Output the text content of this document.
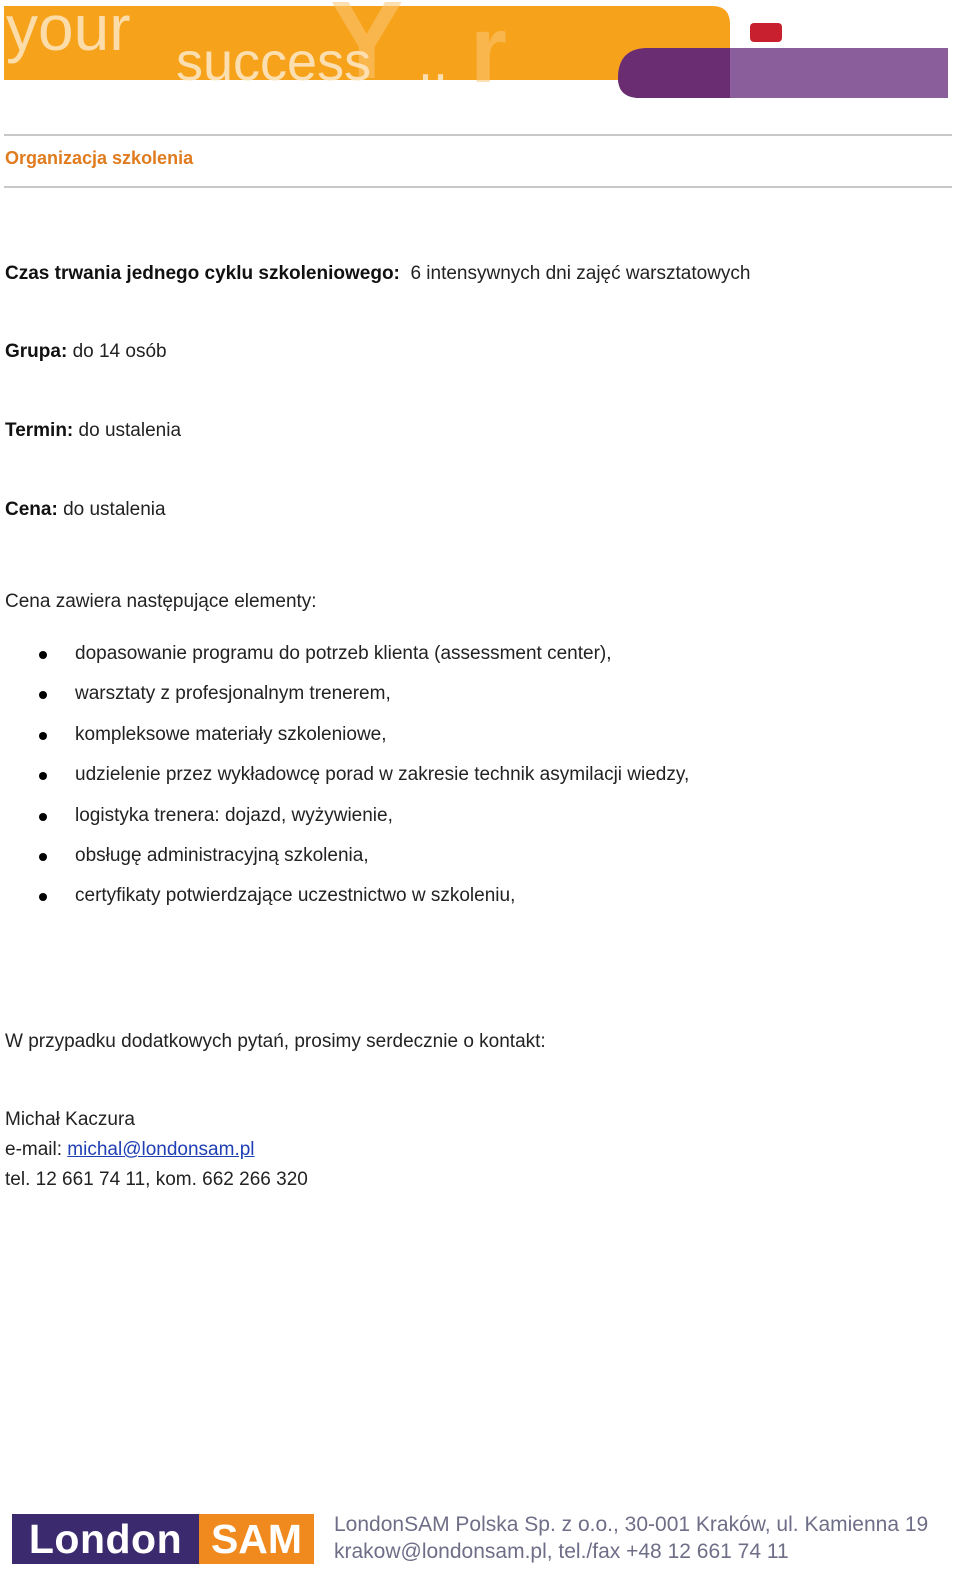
Y r
your success ..
Organizacja szkolenia
Czas trwania jednego cyklu szkoleniowego: 6 intensywnych dni zajęć warsztatowych
Grupa: do 14 osób
Termin: do ustalenia
Cena: do ustalenia
Cena zawiera następujące elementy:
dopasowanie programu do potrzeb klienta (assessment center),
warsztaty z profesjonalnym trenerem,
kompleksowe materiały szkoleniowe,
udzielenie przez wykładowcę porad w zakresie technik asymilacji wiedzy,
logistyka trenera: dojazd, wyżywienie,
obsługę administracyjną szkolenia,
certyfikaty potwierdzające uczestnictwo w szkoleniu,
W przypadku dodatkowych pytań, prosimy serdecznie o kontakt:
Michał Kaczura
e-mail: michal@londonsam.pl
tel. 12 661 74 11, kom. 662 266 320
London SAM	LondonSAM Polska Sp. z o.o., 30-001 Kraków, ul. Kamienna 19
krakow@londonsam.pl, tel./fax +48 12 661 74 11
